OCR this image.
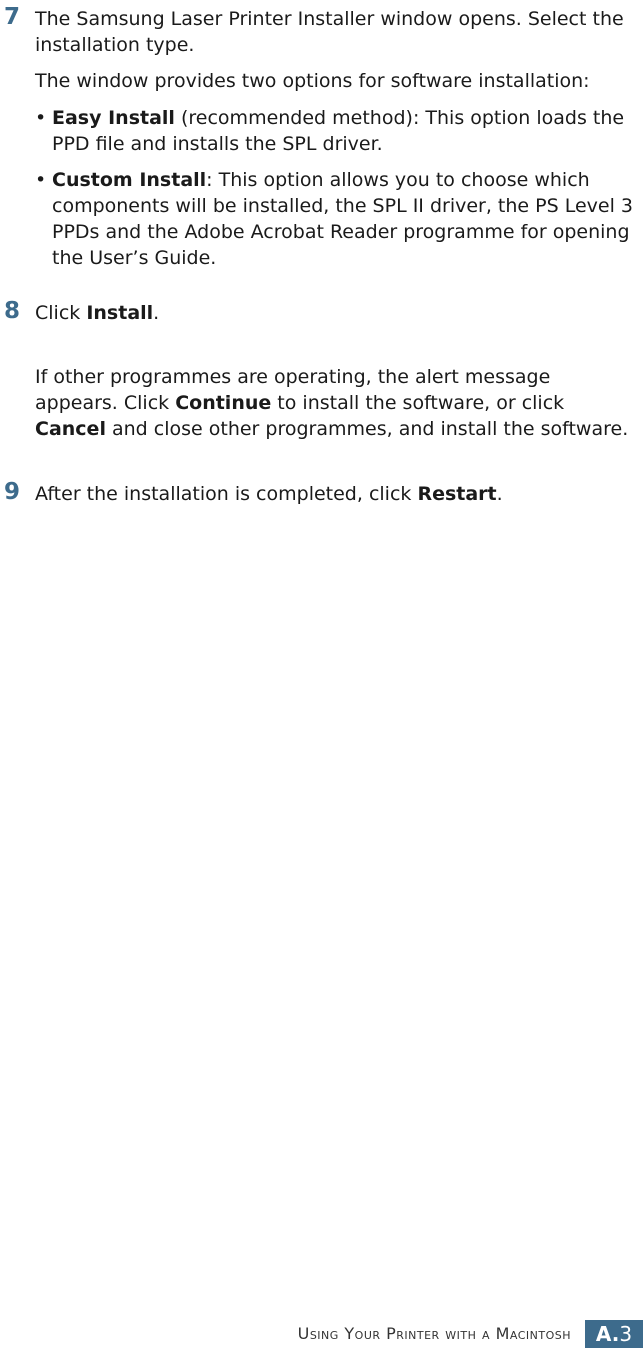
7 The Samsung Laser Printer Installer window opens. Select the installation type.

The window provides two options for software installation:

• Easy Install (recommended method): This option loads the PPD file and installs the SPL driver.

• Custom Install: This option allows you to choose which components will be installed, the SPL II driver, the PS Level 3 PPDs and the Adobe Acrobat Reader programme for opening the User’s Guide.

8 Click Install.

If other programmes are operating, the alert message appears. Click Continue to install the software, or click Cancel and close other programmes, and install the software.

9 After the installation is completed, click Restart.

Using Your Printer with a Macintosh A. 3
